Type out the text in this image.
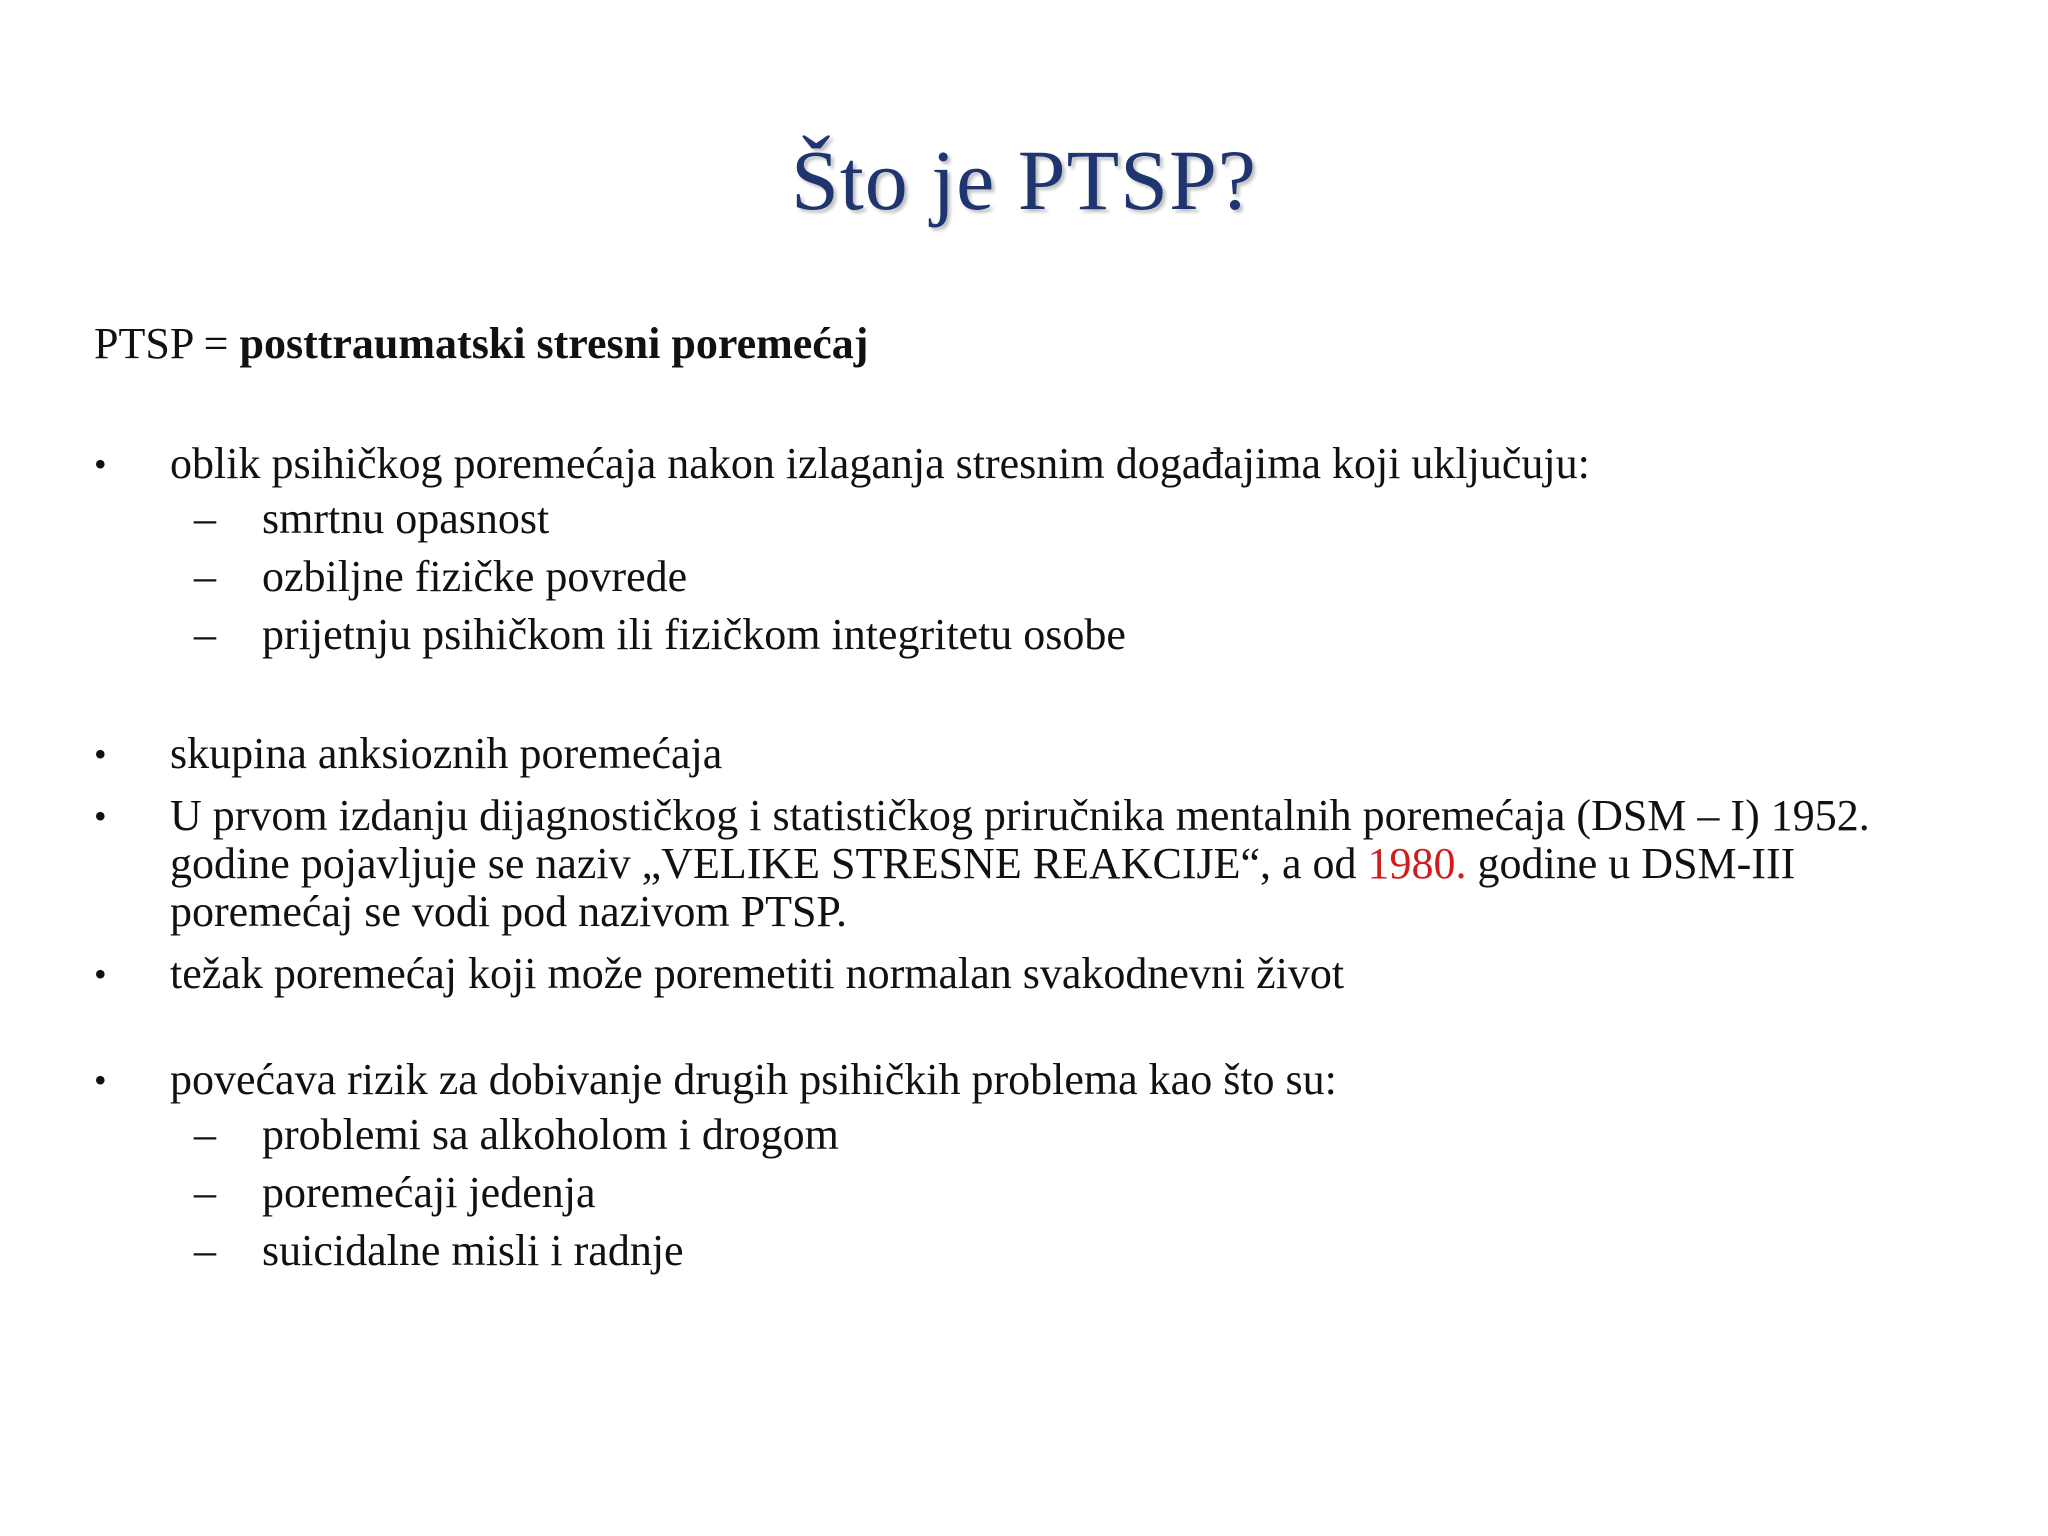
Što je PTSP?
PTSP = posttraumatski stresni poremećaj
• oblik psihičkog poremećaja nakon izlaganja stresnim događajima koji uključuju:
– smrtnu opasnost
– ozbiljne fizičke povrede
– prijetnju psihičkom ili fizičkom integritetu osobe
• skupina anksioznih poremećaja
• U prvom izdanju dijagnostičkog i statističkog priručnika mentalnih poremećaja (DSM – I) 1952. godine pojavljuje se naziv „VELIKE STRESNE REAKCIJE“, a od 1980. godine u DSM-III poremećaj se vodi pod nazivom PTSP.
• težak poremećaj koji može poremetiti normalan svakodnevni život
• povećava rizik za dobivanje drugih psihičkih problema kao što su:
– problemi sa alkoholom i drogom
– poremećaji jedenja
– suicidalne misli i radnje
